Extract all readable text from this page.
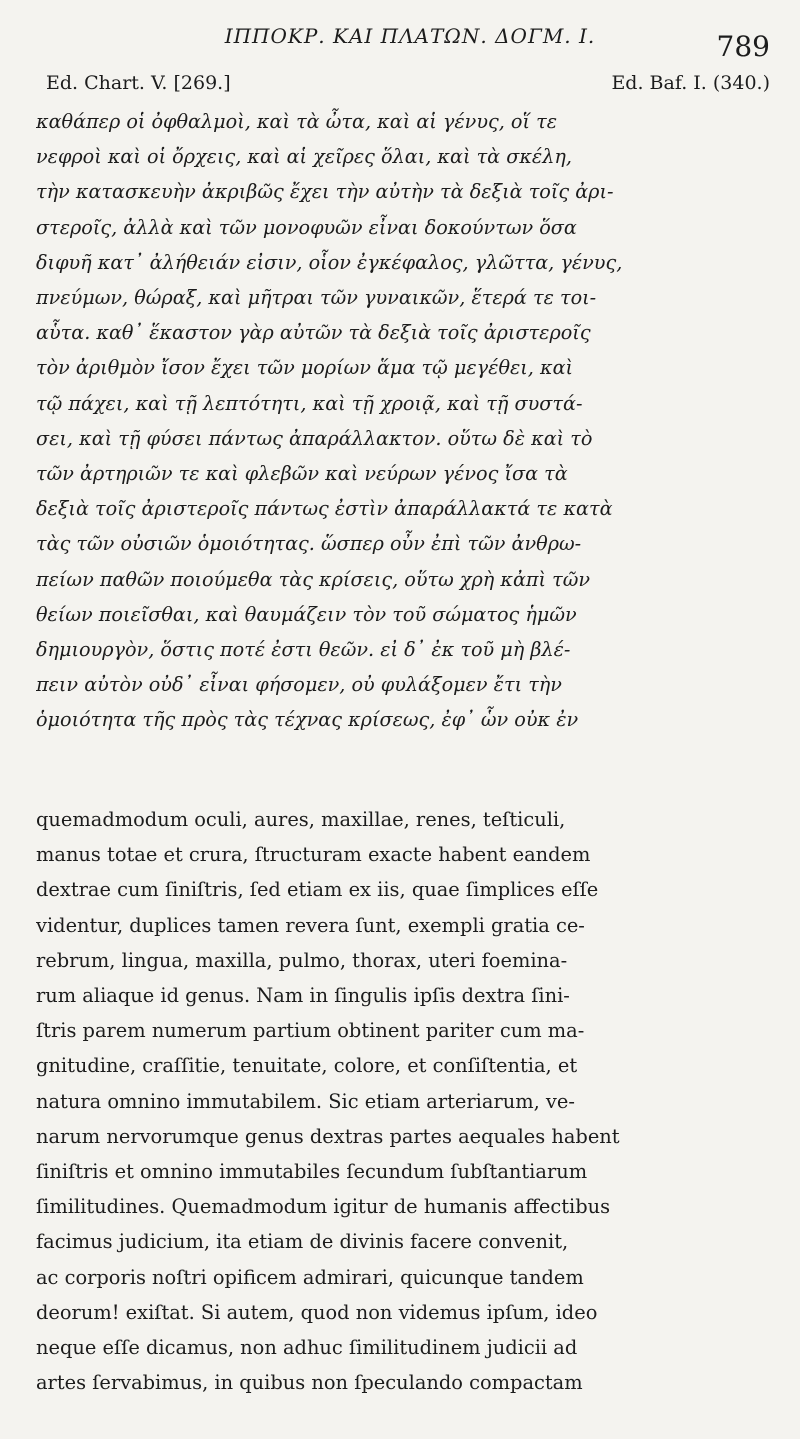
ΙΠΠΟΚΡ. ΚΑΙ ΠΛΑΤΩΝ. ΔΟΓΜ. Ι.	789
Ed. Chart. V. [269.]	Ed. Baf. I. (340.)
καθάπερ οἱ ὀφθαλμοὶ, καὶ τὰ ὦτα, καὶ αἱ γένυς, οἵ τε
νεφροὶ καὶ οἱ ὄρχεις, καὶ αἱ χεῖρες ὅλαι, καὶ τὰ σκέλη,
τὴν κατασκευὴν ἀκριβῶς ἔχει τὴν αὐτὴν τὰ δεξιὰ τοῖς ἀρι-
στεροῖς, ἀλλὰ καὶ τῶν μονοφυῶν εἶναι δοκούντων ὅσα
διφυῆ κατ᾽ ἀλήθειάν εἰσιν, οἷον ἐγκέφαλος, γλῶττα, γένυς,
πνεύμων, θώραξ, καὶ μῆτραι τῶν γυναικῶν, ἕτερά τε τοι-
αὗτα. καθ᾽ ἕκαστον γὰρ αὐτῶν τὰ δεξιὰ τοῖς ἀριστεροῖς
τὸν ἀριθμὸν ἴσον ἔχει τῶν μορίων ἅμα τῷ μεγέθει, καὶ
τῷ πάχει, καὶ τῇ λεπτότητι, καὶ τῇ χροιᾷ, καὶ τῇ συστά-
σει, καὶ τῇ φύσει πάντως ἀπαράλλακτον. οὕτω δὲ καὶ τὸ
τῶν ἀρτηριῶν τε καὶ φλεβῶν καὶ νεύρων γένος ἴσα τὰ
δεξιὰ τοῖς ἀριστεροῖς πάντως ἐστὶν ἀπαράλλακτά τε κατὰ
τὰς τῶν οὐσιῶν ὁμοιότητας. ὥσπερ οὖν ἐπὶ τῶν ἀνθρω-
πείων παθῶν ποιούμεθα τὰς κρίσεις, οὕτω χρὴ κἀπὶ τῶν
θείων ποιεῖσθαι, καὶ θαυμάζειν τὸν τοῦ σώματος ἡμῶν
δημιουργὸν, ὅστις ποτέ ἐστι θεῶν. εἰ δ᾽ ἐκ τοῦ μὴ βλέ-
πειν αὐτὸν οὐδ᾽ εἶναι φήσομεν, οὐ φυλάξομεν ἔτι τὴν
ὁμοιότητα τῆς πρὸς τὰς τέχνας κρίσεως, ἐφ᾽ ὧν οὐκ ἐν
quemadmodum oculi, aures, maxillae, renes, teſticuli,
manus totae et crura, ſtructuram exacte habent eandem
dextrae cum ſiniſtris, ſed etiam ex iis, quae ſimplices eſſe
videntur, duplices tamen revera ſunt, exempli gratia ce-
rebrum, lingua, maxilla, pulmo, thorax, uteri foemina-
rum aliaque id genus. Nam in ſingulis ipſis dextra ſini-
ſtris parem numerum partium obtinent pariter cum ma-
gnitudine, craſſitie, tenuitate, colore, et conſiſtentia, et
natura omnino immutabilem. Sic etiam arteriarum, ve-
narum nervorumque genus dextras partes aequales habent
ſiniſtris et omnino immutabiles ſecundum ſubſtantiarum
ſimilitudines. Quemadmodum igitur de humanis affectibus
facimus judicium, ita etiam de divinis facere convenit,
ac corporis noſtri opificem admirari, quicunque tandem
deorum! exiſtat. Si autem, quod non videmus ipſum, ideo
neque eſſe dicamus, non adhuc ſimilitudinem judicii ad
artes ſervabimus, in quibus non ſpeculando compactam
